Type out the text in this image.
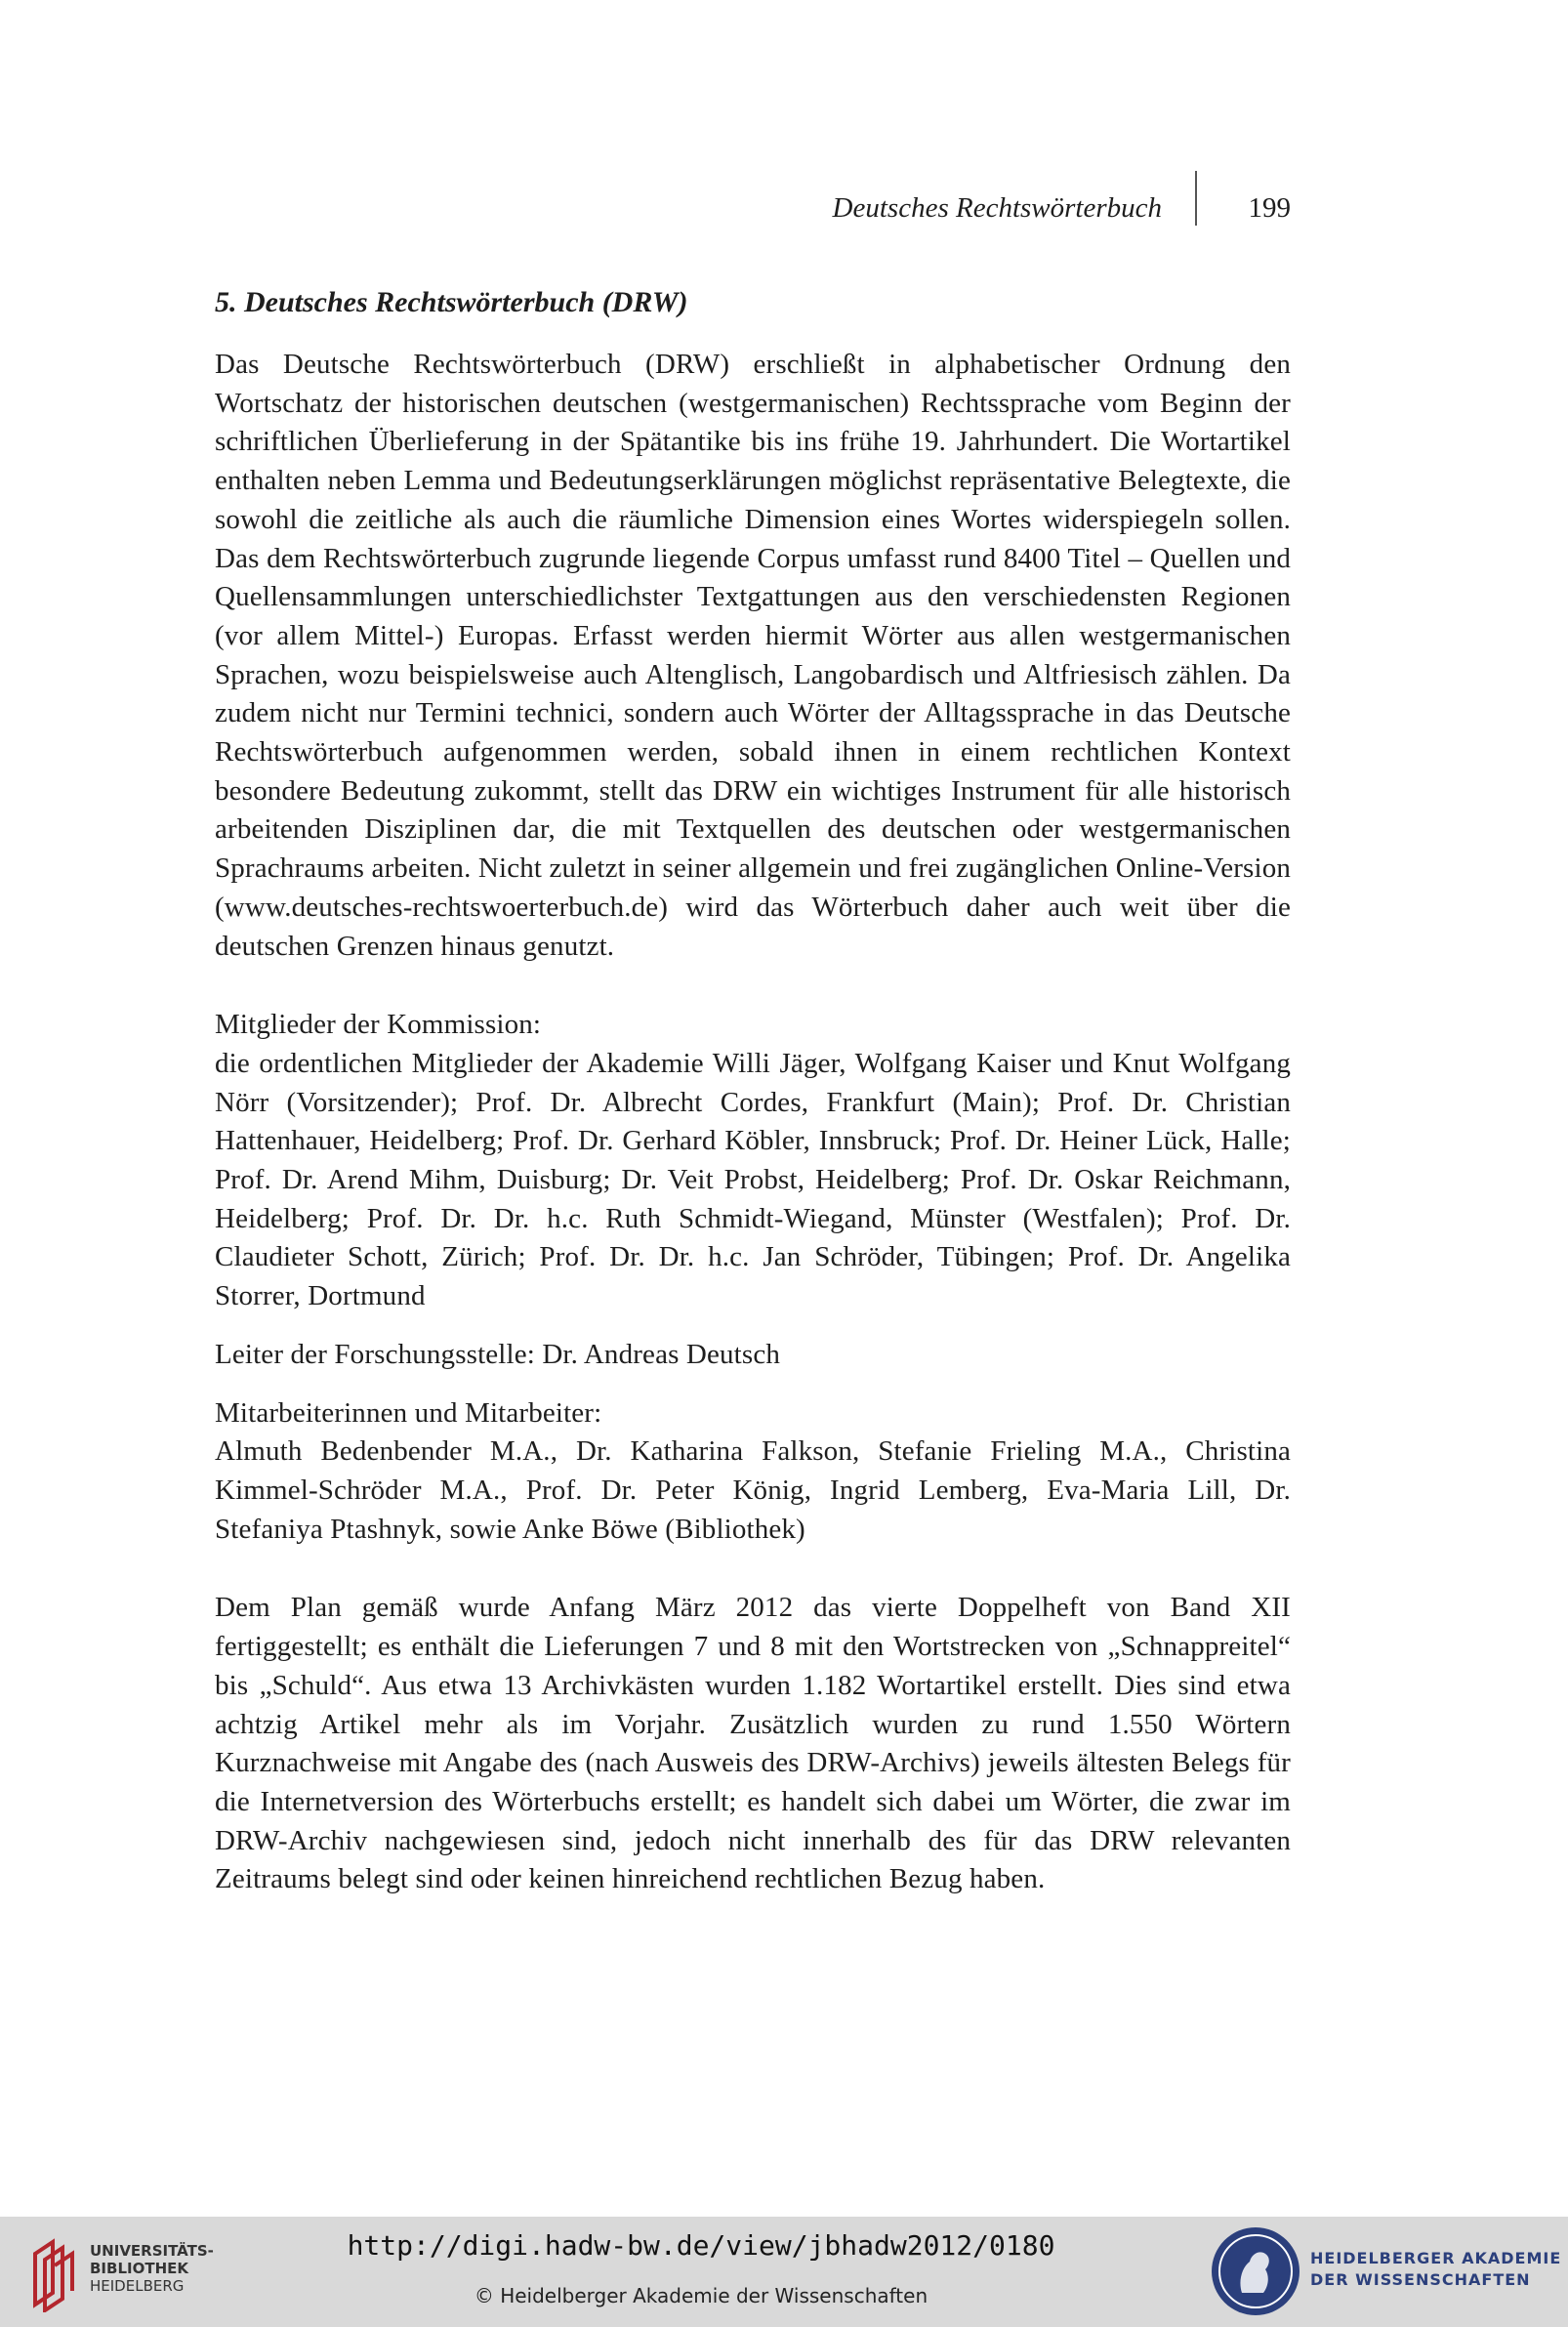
Deutsches Rechtswörterbuch	199
5. Deutsches Rechtswörterbuch (DRW)

Das Deutsche Rechtswörterbuch (DRW) erschließt in alphabetischer Ordnung den Wortschatz der historischen deutschen (westgermanischen) Rechtssprache vom Beginn der schriftlichen Überlieferung in der Spätantike bis ins frühe 19. Jahrhundert. Die Wortartikel enthalten neben Lemma und Bedeutungserklärungen möglichst repräsentative Belegtexte, die sowohl die zeitliche als auch die räumliche Dimension eines Wortes widerspiegeln sollen. Das dem Rechtswörterbuch zugrunde liegende Corpus umfasst rund 8400 Titel – Quellen und Quellensammlungen unterschiedlichster Textgattungen aus den verschiedensten Regionen (vor allem Mittel-) Europas. Erfasst werden hiermit Wörter aus allen westgermanischen Sprachen, wozu beispielsweise auch Altenglisch, Langobardisch und Altfriesisch zählen. Da zudem nicht nur Termini technici, sondern auch Wörter der Alltagssprache in das Deutsche Rechtswörterbuch aufgenommen werden, sobald ihnen in einem rechtlichen Kontext besondere Bedeutung zukommt, stellt das DRW ein wichtiges Instrument für alle historisch arbeitenden Disziplinen dar, die mit Textquellen des deutschen oder westgermanischen Sprachraums arbeiten. Nicht zuletzt in seiner allgemein und frei zugänglichen Online-Version (www.deutsches-rechtswoerterbuch.de) wird das Wörterbuch daher auch weit über die deutschen Grenzen hinaus genutzt.

Mitglieder der Kommission:

die ordentlichen Mitglieder der Akademie Willi Jäger, Wolfgang Kaiser und Knut Wolfgang Nörr (Vorsitzender); Prof. Dr. Albrecht Cordes, Frankfurt (Main); Prof. Dr. Christian Hattenhauer, Heidelberg; Prof. Dr. Gerhard Köbler, Innsbruck; Prof. Dr. Heiner Lück, Halle; Prof. Dr. Arend Mihm, Duisburg; Dr. Veit Probst, Heidelberg; Prof. Dr. Oskar Reichmann, Heidelberg; Prof. Dr. Dr. h.c. Ruth Schmidt-Wiegand, Münster (Westfalen); Prof. Dr. Claudieter Schott, Zürich; Prof. Dr. Dr. h.c. Jan Schröder, Tübingen; Prof. Dr. Angelika Storrer, Dortmund

Leiter der Forschungsstelle: Dr. Andreas Deutsch

Mitarbeiterinnen und Mitarbeiter:

Almuth Bedenbender M.A., Dr. Katharina Falkson, Stefanie Frieling M.A., Christina Kimmel-Schröder M.A., Prof. Dr. Peter König, Ingrid Lemberg, Eva-Maria Lill, Dr. Stefaniya Ptashnyk, sowie Anke Böwe (Bibliothek)

Dem Plan gemäß wurde Anfang März 2012 das vierte Doppelheft von Band XII fertiggestellt; es enthält die Lieferungen 7 und 8 mit den Wortstrecken von „Schnappreitel“ bis „Schuld“. Aus etwa 13 Archivkästen wurden 1.182 Wortartikel erstellt. Dies sind etwa achtzig Artikel mehr als im Vorjahr. Zusätzlich wurden zu rund 1.550 Wörtern Kurznachweise mit Angabe des (nach Ausweis des DRW-Archivs) jeweils ältesten Belegs für die Internetversion des Wörterbuchs erstellt; es handelt sich dabei um Wörter, die zwar im DRW-Archiv nachgewiesen sind, jedoch nicht innerhalb des für das DRW relevanten Zeitraums belegt sind oder keinen hinreichend rechtlichen Bezug haben.

UNIVERSITÄTS-
BIBLIOTHEK
HEIDELBERG
http://digi.hadw-bw.de/view/jbhadw2012/0180
© Heidelberger Akademie der Wissenschaften
HEIDELBERGER AKADEMIE
DER WISSENSCHAFTEN
